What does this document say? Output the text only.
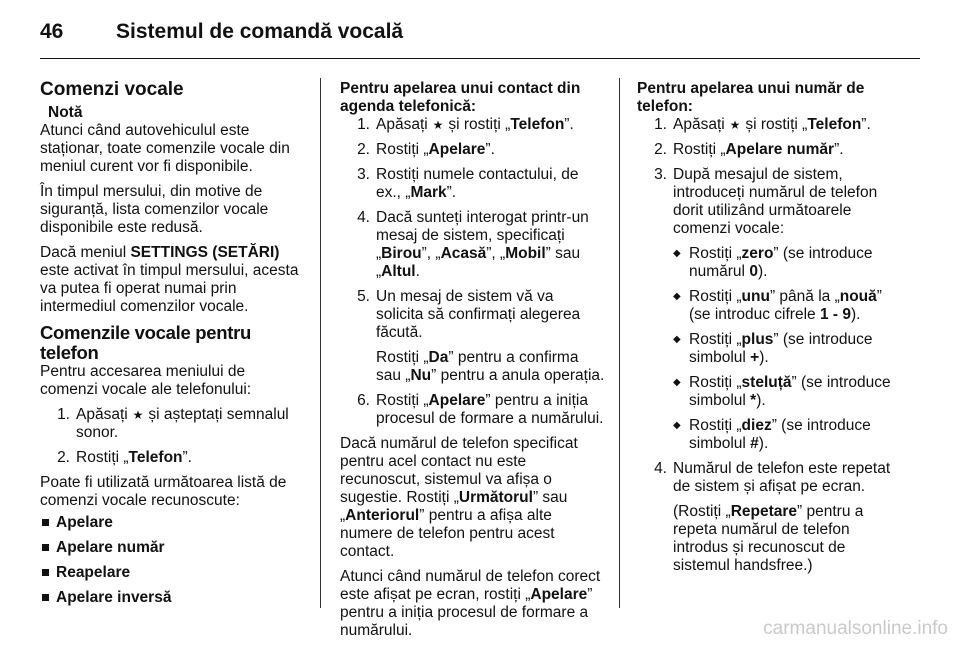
46	Sistemul de comandă vocală
Comenzi vocale
Notă
Atunci când autovehiculul este staționar, toate comenzile vocale din meniul curent vor fi disponibile.
În timpul mersului, din motive de siguranță, lista comenzilor vocale disponibile este redusă.
Dacă meniul SETTINGS (SETĂRI) este activat în timpul mersului, acesta va putea fi operat numai prin intermediul comenzilor vocale.
Comenzile vocale pentru telefon
Pentru accesarea meniului de comenzi vocale ale telefonului:
1. Apăsați ★ și așteptați semnalul sonor.
2. Rostiți „Telefon”.
Poate fi utilizată următoarea listă de comenzi vocale recunoscute:
Apelare
Apelare număr
Reapelare
Apelare inversă
Pentru apelarea unui contact din agenda telefonică:
1. Apăsați ★ și rostiți „Telefon”.
2. Rostiți „Apelare”.
3. Rostiți numele contactului, de ex., „Mark”.
4. Dacă sunteți interogat printr-un mesaj de sistem, specificați „Birou”, „Acasă”, „Mobil” sau „Altul.
5. Un mesaj de sistem vă va solicita să confirmați alegerea făcută.
Rostiți „Da” pentru a confirma sau „Nu” pentru a anula operația.
6. Rostiți „Apelare” pentru a iniția procesul de formare a numărului.
Dacă numărul de telefon specificat pentru acel contact nu este recunoscut, sistemul va afișa o sugestie. Rostiți „Următorul” sau „Anteriorul” pentru a afișa alte numere de telefon pentru acest contact.
Atunci când numărul de telefon corect este afișat pe ecran, rostiți „Apelare” pentru a iniția procesul de formare a numărului.
Pentru apelarea unui număr de telefon:
1. Apăsați ★ și rostiți „Telefon”.
2. Rostiți „Apelare număr”.
3. După mesajul de sistem, introduceți numărul de telefon dorit utilizând următoarele comenzi vocale:
◆ Rostiți „zero” (se introduce numărul 0).
◆ Rostiți „unu” până la „nouă” (se introduc cifrele 1 - 9).
◆ Rostiți „plus” (se introduce simbolul +).
◆ Rostiți „steluță” (se introduce simbolul *).
◆ Rostiți „diez” (se introduce simbolul #).
4. Numărul de telefon este repetat de sistem și afișat pe ecran.
(Rostiți „Repetare” pentru a repeta numărul de telefon introdus și recunoscut de sistemul handsfree.)
carmanualsonline.info
